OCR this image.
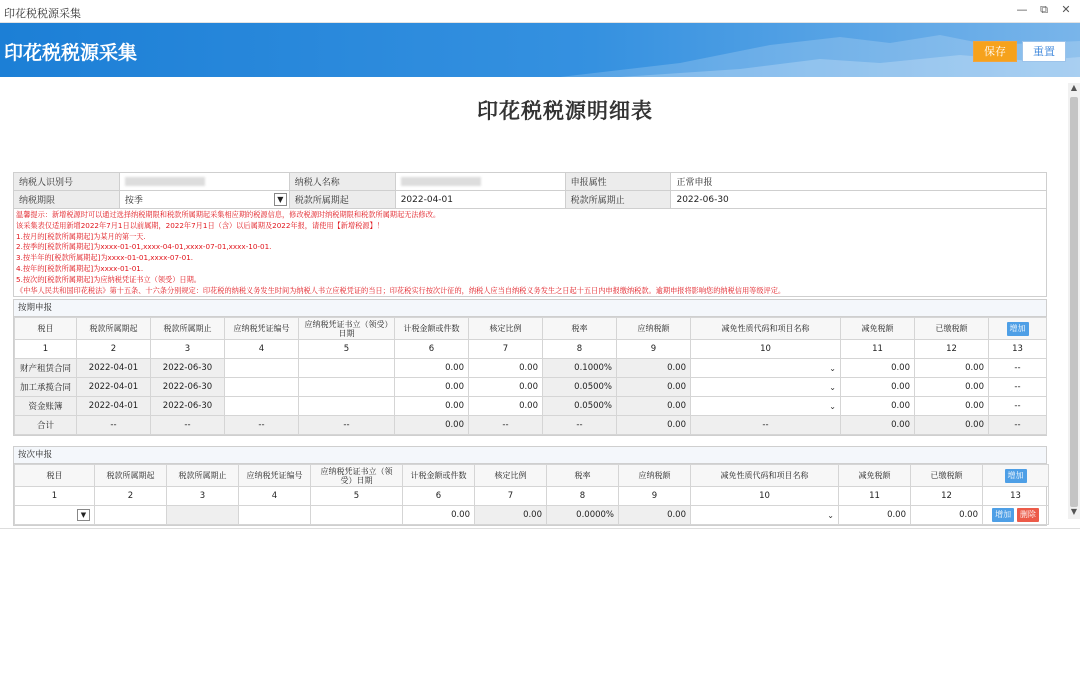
印花税税源采集	— ⧉ ✕
印花税税源采集	保存	重置
▲
▼
印花税税源明细表
纳税人识别号		纳税人名称		申报属性	正常申报
纳税期限	按季 ▼	税款所属期起	2022-04-01	税款所属期止	2022-06-30
温馨提示：新增税源时可以通过选择纳税期限和税款所属期起采集相应期的税源信息，修改税源时纳税期限和税款所属期起无法修改。
该采集表仅适用新增2022年7月1日以前属期，2022年7月1日（含）以后属期及2022年报，请使用【新增税源】！
1.按月的[税款所属期起]为某月的第一天.
2.按季的[税款所属期起]为xxxx-01-01,xxxx-04-01,xxxx-07-01,xxxx-10-01.
3.按半年的[税款所属期起]为xxxx-01-01,xxxx-07-01.
4.按年的[税款所属期起]为xxxx-01-01.
5.按次的[税款所属期起]为应纳税凭证书立（领受）日期。
《中华人民共和国印花税法》第十五条、十六条分别规定：印花税的纳税义务发生时间为纳税人书立应税凭证的当日；印花税实行按次计征的，纳税人应当自纳税义务发生之日起十五日内申报缴纳税款。逾期申报将影响您的纳税信用等级评定。
按期申报
税目	税款所属期起	税款所属期止	应纳税凭证编号	应纳税凭证书立（领受）日期	计税金额或件数	核定比例	税率	应纳税额	减免性质代码和项目名称	减免税额	已缴税额	增加
1	2	3	4	5	6	7	8	9	10	11	12	13
财产租赁合同	2022-04-01	2022-06-30			0.00	0.00	0.1000%	0.00	⌄	0.00	0.00	--
加工承揽合同	2022-04-01	2022-06-30			0.00	0.00	0.0500%	0.00	⌄	0.00	0.00	--
资金账簿	2022-04-01	2022-06-30			0.00	0.00	0.0500%	0.00	⌄	0.00	0.00	--
合计	--	--	--	--	0.00	--	--	0.00	--	0.00	0.00	--
按次申报
税目	税款所属期起	税款所属期止	应纳税凭证编号	应纳税凭证书立（领受）日期	计税金额或件数	核定比例	税率	应纳税额	减免性质代码和项目名称	减免税额	已缴税额	增加
1	2	3	4	5	6	7	8	9	10	11	12	13

▼					0.00	0.00	0.0000%	0.00	⌄	0.00	0.00	增加 删除
